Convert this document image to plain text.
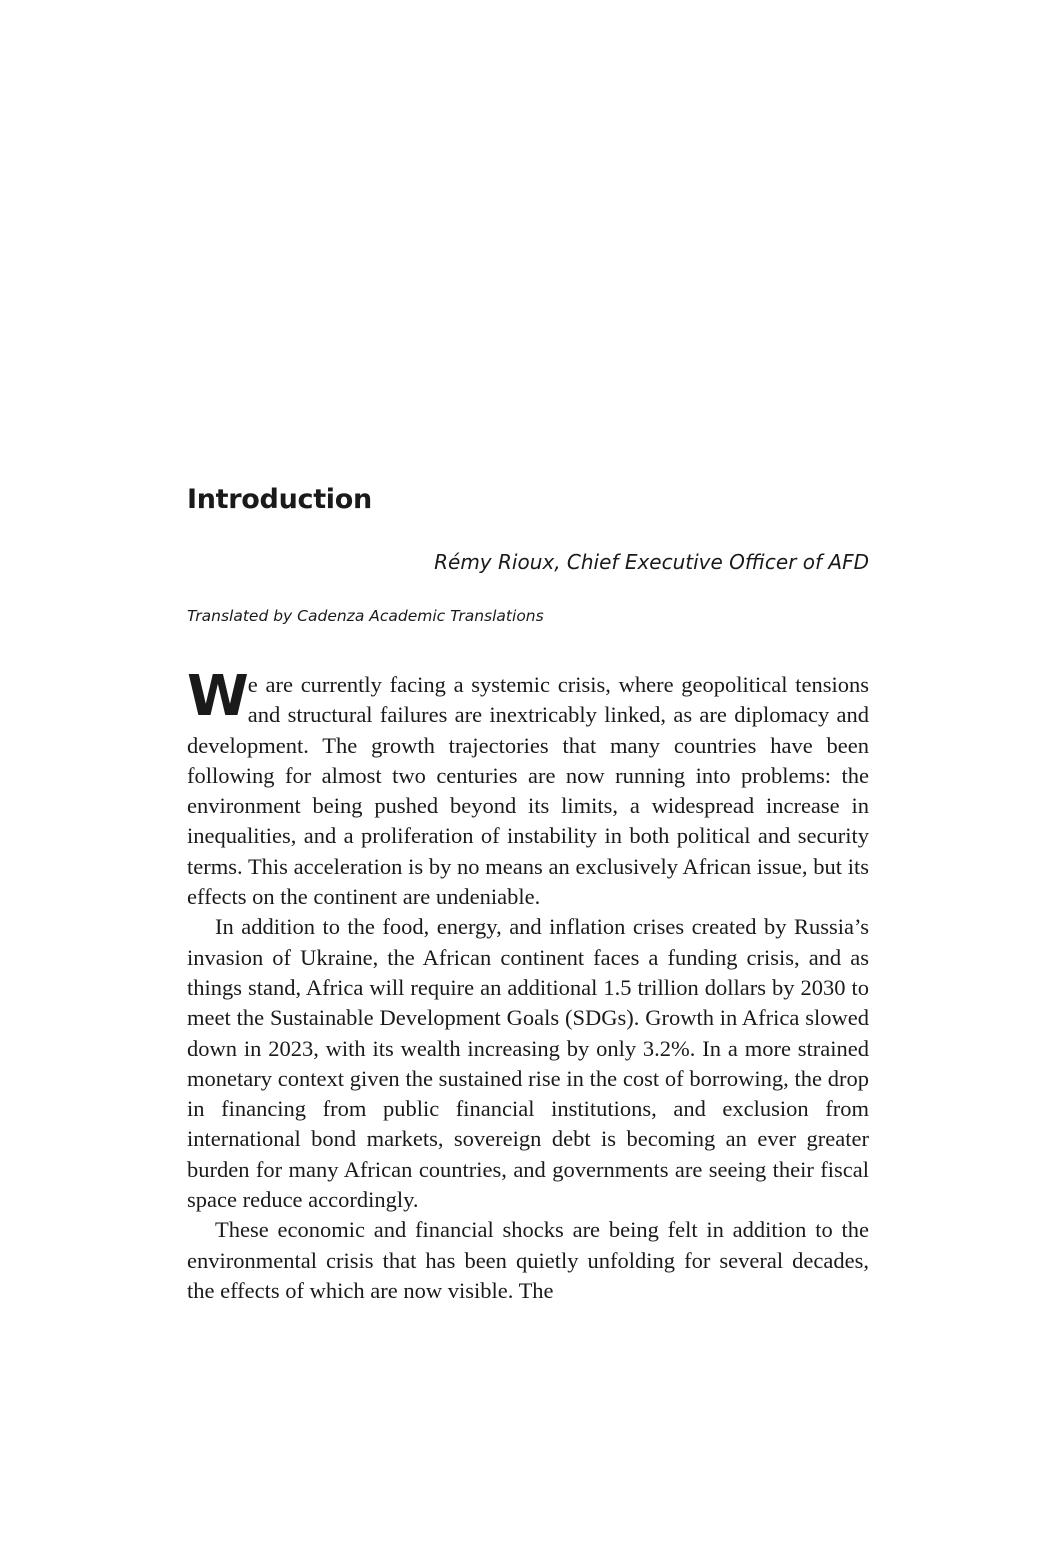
Introduction

Rémy Rioux, Chief Executive Officer of AFD

Translated by Cadenza Academic Translations

We are currently facing a systemic crisis, where geopolitical tensions and structural failures are inextricably linked, as are diplomacy and development. The growth trajectories that many countries have been following for almost two centuries are now running into problems: the environment being pushed beyond its limits, a widespread increase in inequalities, and a proliferation of instability in both political and security terms. This acceleration is by no means an exclusively African issue, but its effects on the continent are undeniable.

In addition to the food, energy, and inflation crises created by Russia’s invasion of Ukraine, the African continent faces a funding crisis, and as things stand, Africa will require an additional 1.5 trillion dollars by 2030 to meet the Sustainable Development Goals (SDGs). Growth in Africa slowed down in 2023, with its wealth increasing by only 3.2%. In a more strained monetary context given the sustained rise in the cost of borrowing, the drop in financing from public financial institutions, and exclusion from international bond markets, sovereign debt is becoming an ever greater burden for many African countries, and governments are seeing their fiscal space reduce accordingly.

These economic and financial shocks are being felt in addition to the environmental crisis that has been quietly unfolding for several decades, the effects of which are now visible. The
